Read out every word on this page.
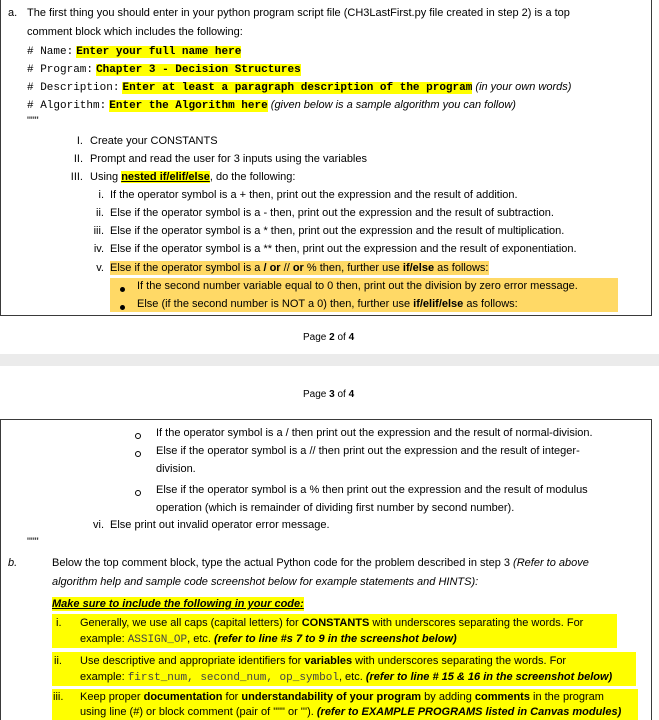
a. The first thing you should enter in your python program script file (CH3LastFirst.py file created in step 2) is a top
comment block which includes the following:
# Name: Enter your full name here
# Program: Chapter 3 - Decision Structures
# Description: Enter at least a paragraph description of the program (in your own words)
# Algorithm: Enter the Algorithm here (given below is a sample algorithm you can follow)
"""
I. Create your CONSTANTS
II. Prompt and read the user for 3 inputs using the variables
III. Using nested if/elif/else, do the following:
i. If the operator symbol is a + then, print out the expression and the result of addition.
ii. Else if the operator symbol is a - then, print out the expression and the result of subtraction.
iii. Else if the operator symbol is a * then, print out the expression and the result of multiplication.
iv. Else if the operator symbol is a ** then, print out the expression and the result of exponentiation.
v. Else if the operator symbol is a / or // or % then, further use if/else as follows:
If the second number variable equal to 0 then, print out the division by zero error message.
Else (if the second number is NOT a 0) then, further use if/elif/else as follows:
Page 2 of 4
Page 3 of 4
If the operator symbol is a / then print out the expression and the result of normal-division.
Else if the operator symbol is a // then print out the expression and the result of integer-
division.
Else if the operator symbol is a % then print out the expression and the result of modulus
operation (which is remainder of dividing first number by second number).
vi. Else print out invalid operator error message.
"""
b.	Below the top comment block, type the actual Python code for the problem described in step 3 (Refer to above
algorithm help and sample code screenshot below for example statements and HINTS):
Make sure to include the following in your code:
i. Generally, we use all caps (capital letters) for CONSTANTS with underscores separating the words. For
example: ASSIGN_OP, etc. (refer to line #s 7 to 9 in the screenshot below)
ii. Use descriptive and appropriate identifiers for variables with underscores separating the words. For
example: first_num, second_num, op_symbol, etc. (refer to line # 15 & 16 in the screenshot below)
iii. Keep proper documentation for understandability of your program by adding comments in the program
using line (#) or block comment (pair of """ or '''). (refer to EXAMPLE PROGRAMS listed in Canvas modules)
